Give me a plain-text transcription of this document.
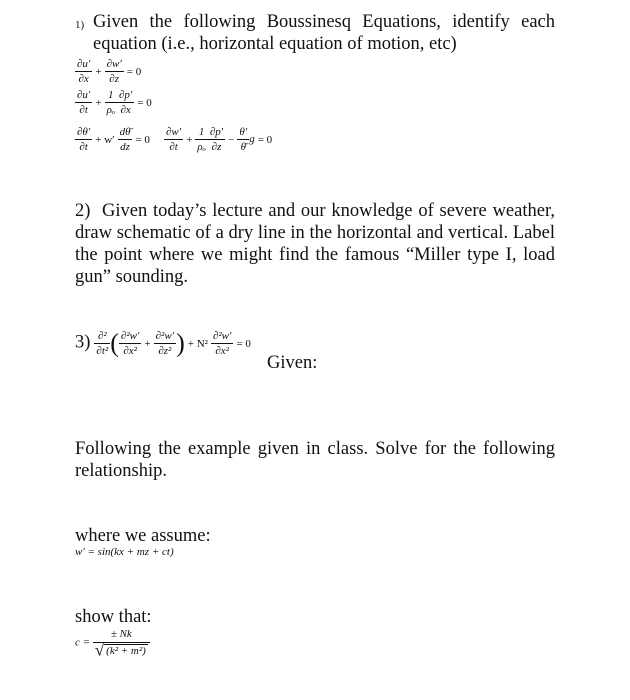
1) Given the following Boussinesq Equations, identify each equation (i.e., horizontal equation of motion, etc)
$\frac{\partial u'}{\partial x} + \frac{\partial w'}{\partial z} = 0$
$\frac{\partial u'}{\partial t} + \frac{1}{\text{ρₒ}} \frac{\partial p'}{\partial x} = 0$
$\frac{\partial\theta'}{\partial t} + w' \frac{d\thetā}{dz} = 0 \frac{\partial w'}{\partial t} + \frac{1}{\text{ρₒ}} \frac{\partial p'}{\partial z} - \frac{\theta'}{\thetā}$ g = 0
2) Given today’s lecture and our knowledge of severe weather, draw schematic of a dry line in the horizontal and vertical. Label the point where we might find the famous “Miller type I, load gun” sounding.
$3) \frac{\text{∂²}}{\text{∂t²}}$ ( $\frac{\text{∂²w′}}{\text{∂x²}} + \frac{\text{∂²w′}}{\text{∂z²}}$ ) + $N^2 \frac{\text{∂²w′}}{\text{∂x²}} = 0$
Given:
Following the example given in class. Solve for the following relationship.
where we assume:
w′ = sin(kx + mz + ct)
show that:
$c = \frac{\pm Nk}{\text{√ (k² + m²)}}$
